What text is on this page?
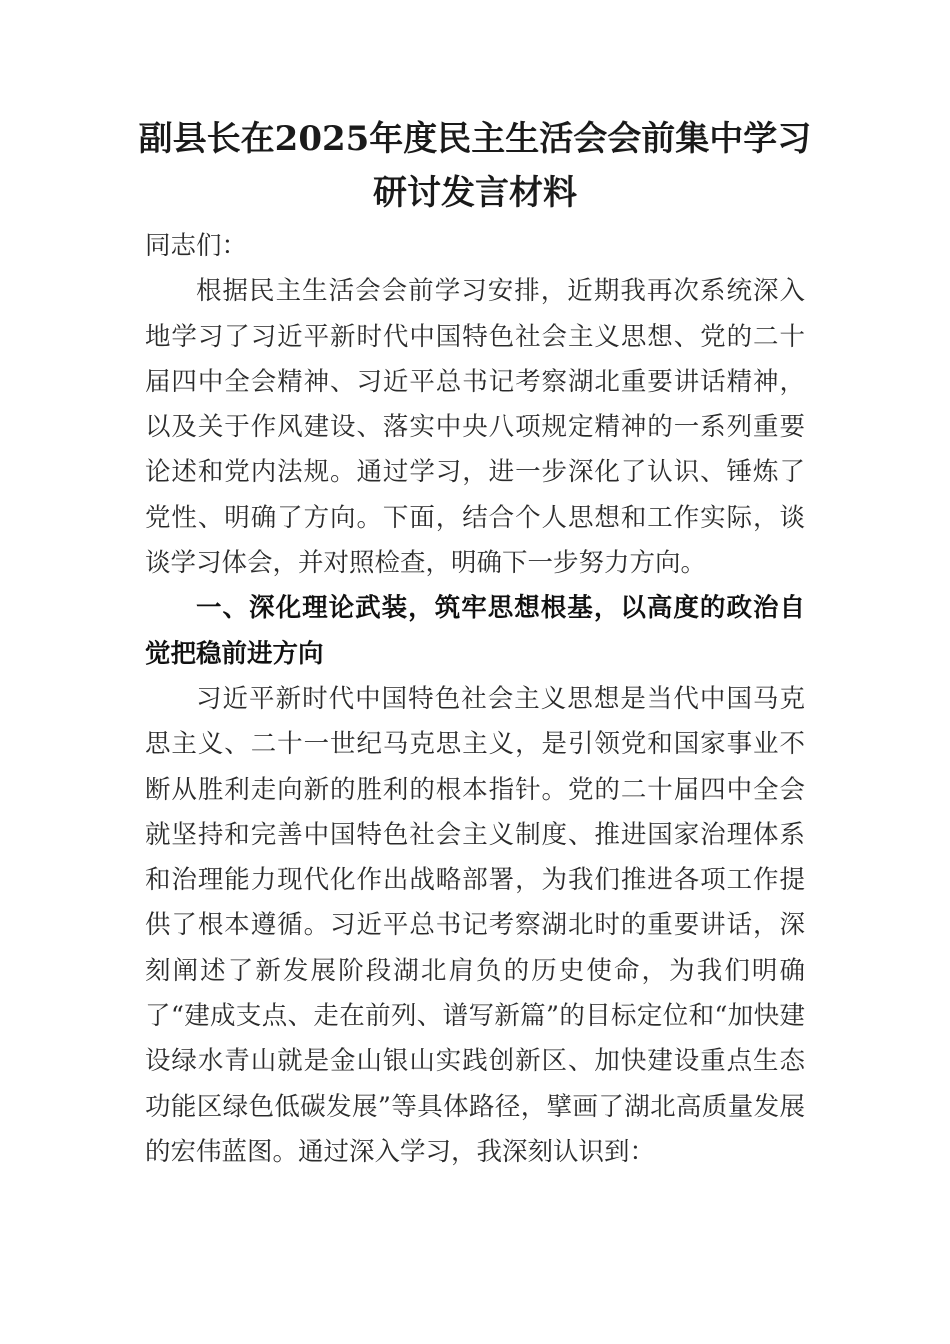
副县长在2025年度民主生活会会前集中学习研讨发言材料

同志们：

根据民主生活会会前学习安排，近期我再次系统深入地学习了习近平新时代中国特色社会主义思想、党的二十届四中全会精神、习近平总书记考察湖北重要讲话精神，以及关于作风建设、落实中央八项规定精神的一系列重要论述和党内法规。通过学习，进一步深化了认识、锤炼了党性、明确了方向。下面，结合个人思想和工作实际，谈谈学习体会，并对照检查，明确下一步努力方向。

一、深化理论武装，筑牢思想根基，以高度的政治自觉把稳前进方向

习近平新时代中国特色社会主义思想是当代中国马克思主义、二十一世纪马克思主义，是引领党和国家事业不断从胜利走向新的胜利的根本指针。党的二十届四中全会就坚持和完善中国特色社会主义制度、推进国家治理体系和治理能力现代化作出战略部署，为我们推进各项工作提供了根本遵循。习近平总书记考察湖北时的重要讲话，深刻阐述了新发展阶段湖北肩负的历史使命，为我们明确了“建成支点、走在前列、谱写新篇”的目标定位和“加快建设绿水青山就是金山银山实践创新区、加快建设重点生态功能区绿色低碳发展”等具体路径，擘画了湖北高质量发展的宏伟蓝图。通过深入学习，我深刻认识到：
